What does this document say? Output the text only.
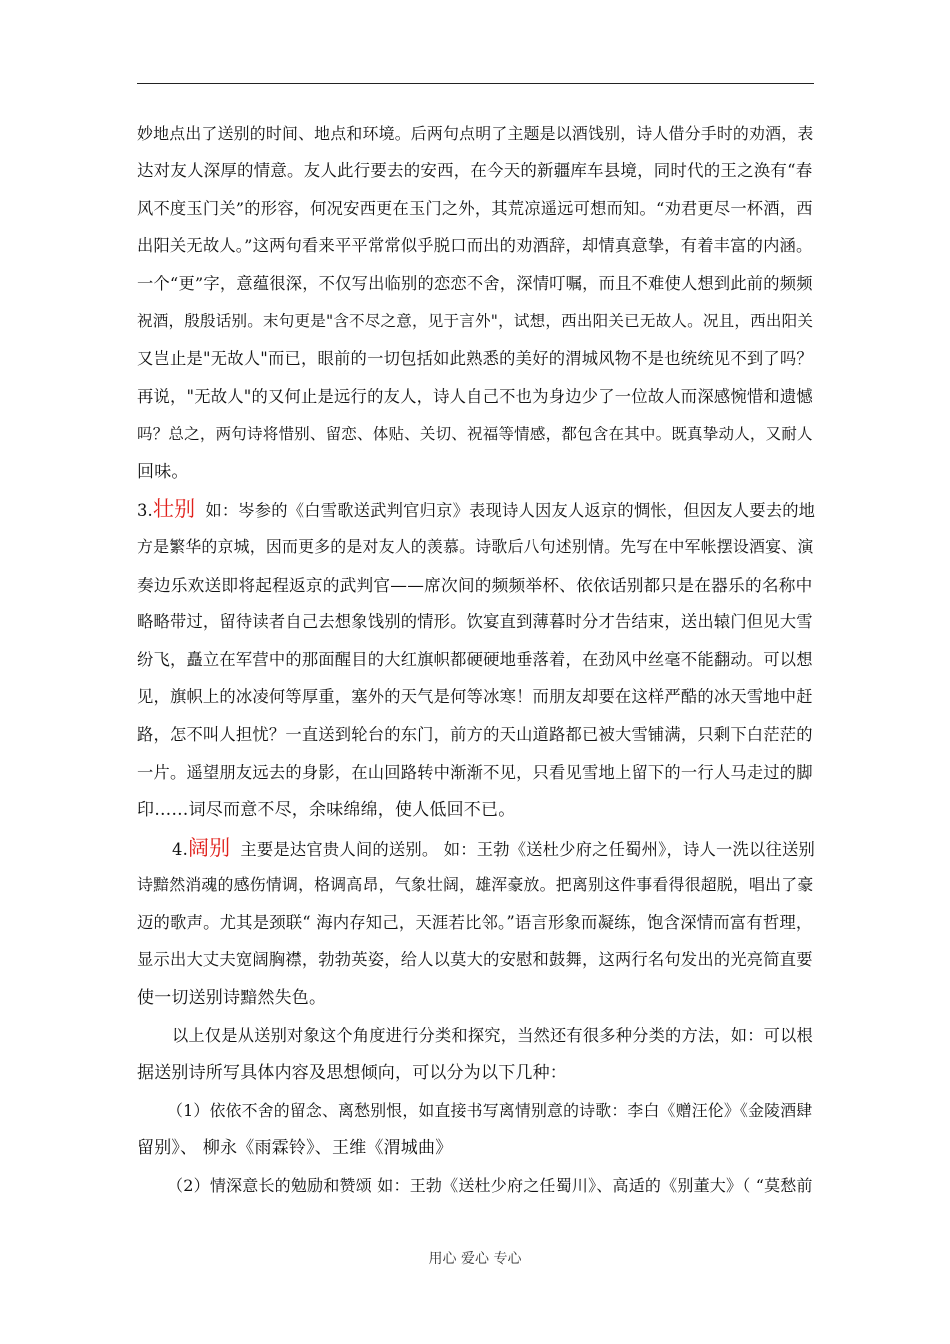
妙地点出了送别的时间、地点和环境。后两句点明了主题是以酒饯别，诗人借分手时的劝酒，表
达对友人深厚的情意。友人此行要去的安西，在今天的新疆库车县境，同时代的王之涣有“春
风不度玉门关”的形容，何况安西更在玉门之外，其荒凉遥远可想而知。“劝君更尽一杯酒，西
出阳关无故人。”这两句看来平平常常似乎脱口而出的劝酒辞，却情真意挚，有着丰富的内涵。
一个“更”字，意蕴很深，不仅写出临别的恋恋不舍，深情叮嘱，而且不难使人想到此前的频频
祝酒，殷殷话别。末句更是"含不尽之意，见于言外"，试想，西出阳关已无故人。况且，西出阳关
又岂止是"无故人"而已，眼前的一切包括如此熟悉的美好的渭城风物不是也统统见不到了吗？
再说，"无故人"的又何止是远行的友人，诗人自己不也为身边少了一位故人而深感惋惜和遗憾
吗？总之，两句诗将惜别、留恋、体贴、关切、祝福等情感，都包含在其中。既真挚动人，又耐人
回味。
3.壮别 如：岑参的《白雪歌送武判官归京》表现诗人因友人返京的惆怅，但因友人要去的地
方是繁华的京城，因而更多的是对友人的羡慕。诗歌后八句述别情。先写在中军帐摆设酒宴、演
奏边乐欢送即将起程返京的武判官——席次间的频频举杯、依依话别都只是在器乐的名称中
略略带过，留待读者自己去想象饯别的情形。饮宴直到薄暮时分才告结束，送出辕门但见大雪
纷飞，矗立在军营中的那面醒目的大红旗帜都硬硬地垂落着，在劲风中丝毫不能翻动。可以想
见，旗帜上的冰凌何等厚重，塞外的天气是何等冰寒！而朋友却要在这样严酷的冰天雪地中赶
路，怎不叫人担忧？一直送到轮台的东门，前方的天山道路都已被大雪铺满，只剩下白茫茫的
一片。遥望朋友远去的身影，在山回路转中渐渐不见，只看见雪地上留下的一行人马走过的脚
印……词尽而意不尽，余味绵绵，使人低回不已。
4.阔别 主要是达官贵人间的送别。 如：王勃《送杜少府之任蜀州》，诗人一洗以往送别
诗黯然消魂的感伤情调，格调高昂，气象壮阔，雄浑豪放。把离别这件事看得很超脱，唱出了豪
迈的歌声。尤其是颈联“ 海内存知己，天涯若比邻。”语言形象而凝练，饱含深情而富有哲理，
显示出大丈夫宽阔胸襟，勃勃英姿，给人以莫大的安慰和鼓舞，这两行名句发出的光亮简直要
使一切送别诗黯然失色。
以上仅是从送别对象这个角度进行分类和探究，当然还有很多种分类的方法，如：可以根
据送别诗所写具体内容及思想倾向，可以分为以下几种：
（1）依依不舍的留念、离愁别恨，如直接书写离情别意的诗歌：李白《赠汪伦》《金陵酒肆
留别》、 柳永《雨霖铃》、王维《渭城曲》
（2）情深意长的勉励和赞颂 如：王勃《送杜少府之任蜀川》、高适的《别董大》（ “莫愁前
用心 爱心 专心
